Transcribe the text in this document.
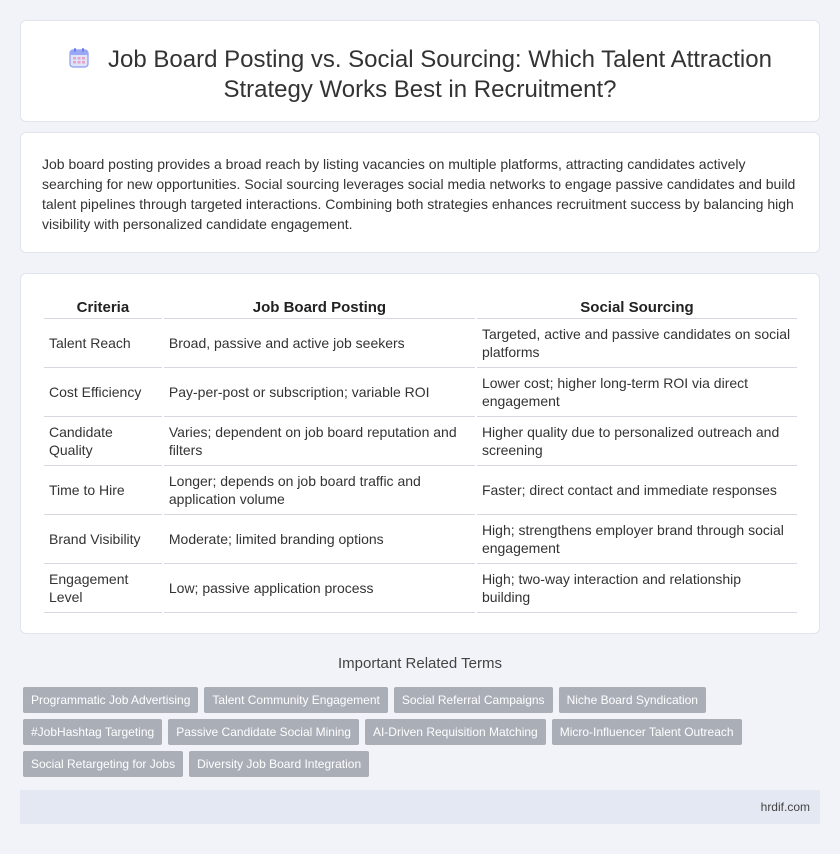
Job Board Posting vs. Social Sourcing: Which Talent Attraction Strategy Works Best in Recruitment?

Job board posting provides a broad reach by listing vacancies on multiple platforms, attracting candidates actively searching for new opportunities. Social sourcing leverages social media networks to engage passive candidates and build talent pipelines through targeted interactions. Combining both strategies enhances recruitment success by balancing high visibility with personalized candidate engagement.

Criteria	Job Board Posting	Social Sourcing
Talent Reach	Broad, passive and active job seekers	Targeted, active and passive candidates on social platforms
Cost Efficiency	Pay-per-post or subscription; variable ROI	Lower cost; higher long-term ROI via direct engagement
Candidate Quality	Varies; dependent on job board reputation and filters	Higher quality due to personalized outreach and screening
Time to Hire	Longer; depends on job board traffic and application volume	Faster; direct contact and immediate responses
Brand Visibility	Moderate; limited branding options	High; strengthens employer brand through social engagement
Engagement Level	Low; passive application process	High; two-way interaction and relationship building
Important Related Terms
Programmatic Job Advertising	Talent Community Engagement	Social Referral Campaigns	Niche Board Syndication
#JobHashtag Targeting	Passive Candidate Social Mining	AI-Driven Requisition Matching	Micro-Influencer Talent Outreach
Social Retargeting for Jobs	Diversity Job Board Integration
hrdif.com
